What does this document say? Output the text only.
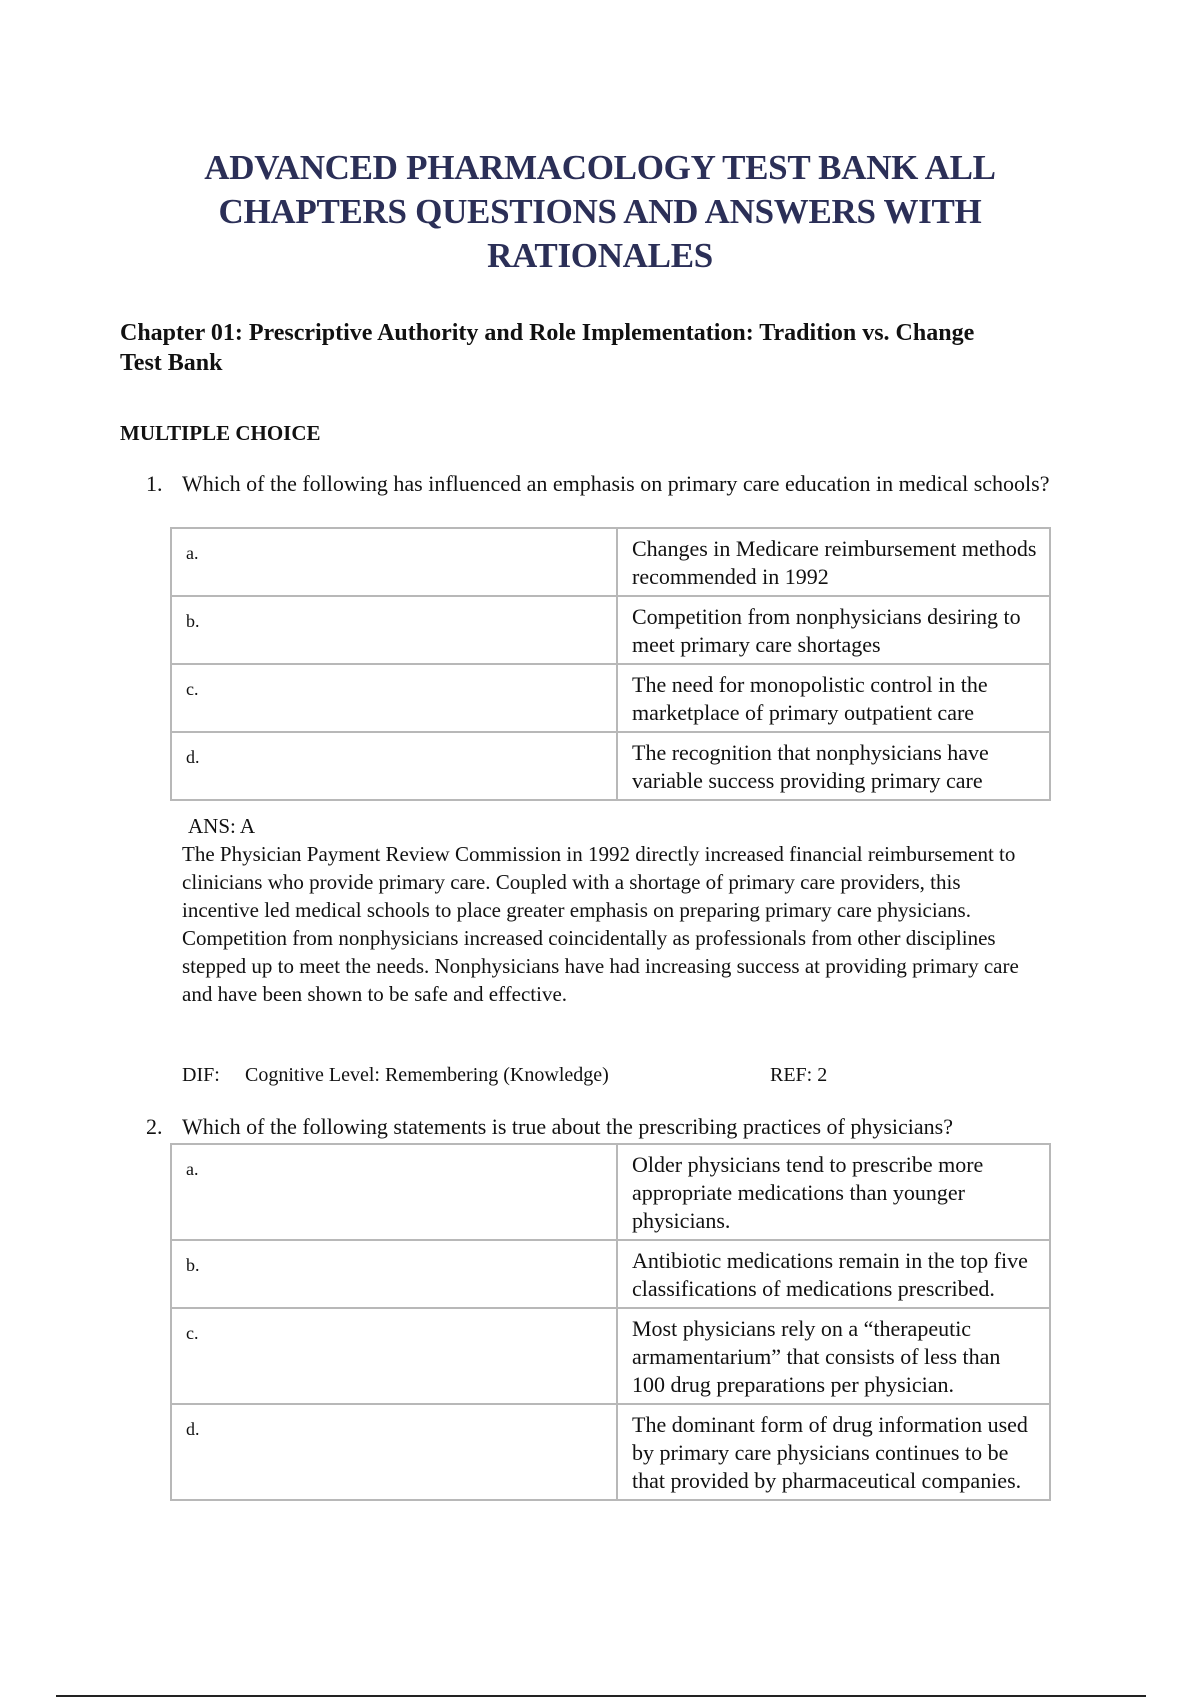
ADVANCED PHARMACOLOGY TEST BANK ALL
CHAPTERS QUESTIONS AND ANSWERS WITH
RATIONALES
Chapter 01: Prescriptive Authority and Role Implementation: Tradition vs. Change
Test Bank
MULTIPLE CHOICE
1. Which of the following has influenced an emphasis on primary care education in medical schools?
a.	Changes in Medicare reimbursement methods recommended in 1992
b.	Competition from nonphysicians desiring to meet primary care shortages
c.	The need for monopolistic control in the marketplace of primary outpatient care
d.	The recognition that nonphysicians have variable success providing primary care
ANS: A
The Physician Payment Review Commission in 1992 directly increased financial reimbursement to clinicians who provide primary care. Coupled with a shortage of primary care providers, this incentive led medical schools to place greater emphasis on preparing primary care physicians. Competition from nonphysicians increased coincidentally as professionals from other disciplines stepped up to meet the needs. Nonphysicians have had increasing success at providing primary care and have been shown to be safe and effective.
DIF: Cognitive Level: Remembering (Knowledge)	REF: 2
2. Which of the following statements is true about the prescribing practices of physicians?
a.	Older physicians tend to prescribe more appropriate medications than younger physicians.
b.	Antibiotic medications remain in the top five classifications of medications prescribed.
c.	Most physicians rely on a “therapeutic armamentarium” that consists of less than 100 drug preparations per physician.
d.	The dominant form of drug information used by primary care physicians continues to be that provided by pharmaceutical companies.
